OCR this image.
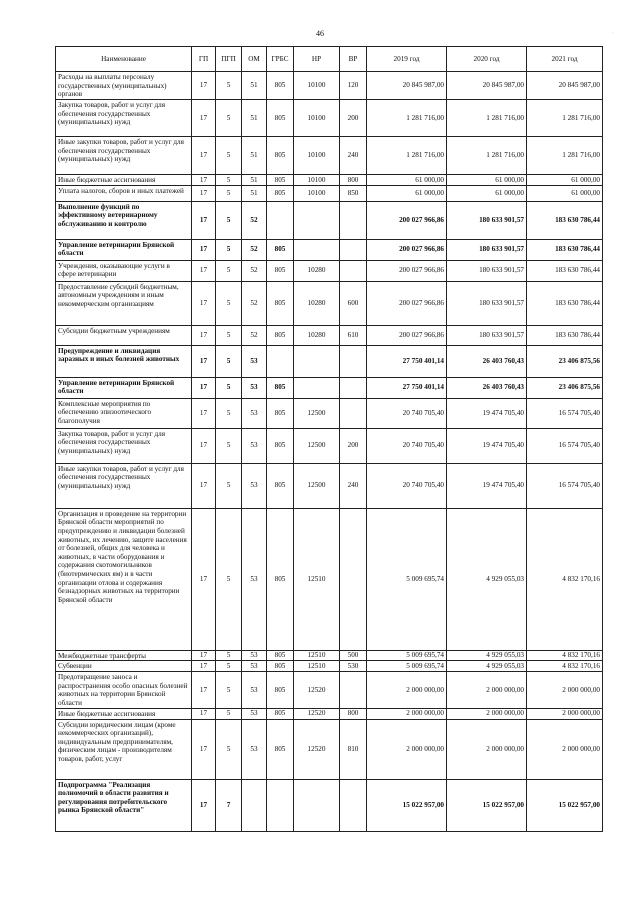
46	·
Наименование	ГП	ПГП	ОМ	ГРБС	НР	ВР	2019 год	2020 год	2021 год
Расходы на выплаты персоналу государственных (муниципальных) органов	17	5	51	805	10100	120	20 845 987,00	20 845 987,00	20 845 987,00
Закупка товаров, работ и услуг для обеспечения государственных (муниципальных) нужд	17	5	51	805	10100	200	1 281 716,00	1 281 716,00	1 281 716,00
Иные закупки товаров, работ и услуг для обеспечения государственных (муниципальных) нужд	17	5	51	805	10100	240	1 281 716,00	1 281 716,00	1 281 716,00
Иные бюджетные ассигнования	17	5	51	805	10100	800	61 000,00	61 000,00	61 000,00
Уплата налогов, сборов и иных платежей	17	5	51	805	10100	850	61 000,00	61 000,00	61 000,00
Выполнение функций по эффективному ветеринарному обслуживанию и контролю	17	5	52				200 027 966,86	180 633 901,57	183 630 786,44
Управление ветеринарии Брянской области	17	5	52	805			200 027 966,86	180 633 901,57	183 630 786,44
Учреждения, оказывающие услуги в сфере ветеринарии	17	5	52	805	10280		200 027 966,86	180 633 901,57	183 630 786,44
Предоставление субсидий бюджетным, автономным учреждениям и иным некоммерческим организациям	17	5	52	805	10280	600	200 027 966,86	180 633 901,57	183 630 786,44
Субсидии бюджетным учреждениям	17	5	52	805	10280	610	200 027 966,86	180 633 901,57	183 630 786,44
Предупреждение и ликвидация заразных и иных болезней животных	17	5	53				27 750 401,14	26 403 760,43	23 406 875,56
Управление ветеринарии Брянской области	17	5	53	805			27 750 401,14	26 403 760,43	23 406 875,56
Комплексные мероприятия по обеспечению эпизоотического благополучия	17	5	53	805	12500		20 740 705,40	19 474 705,40	16 574 705,40
Закупка товаров, работ и услуг для обеспечения государственных (муниципальных) нужд	17	5	53	805	12500	200	20 740 705,40	19 474 705,40	16 574 705,40
Иные закупки товаров, работ и услуг для обеспечения государственных (муниципальных) нужд	17	5	53	805	12500	240	20 740 705,40	19 474 705,40	16 574 705,40
Организация и проведение на территории Брянской области мероприятий по предупреждению и ликвидации болезней животных, их лечению, защите населения от болезней, общих для человека и животных, в части оборудования и содержания скотомогильников (биотермических ям) и в части организации отлова и содержания безнадзорных животных на территории Брянской области	17	5	53	805	12510		5 009 695,74	4 929 055,03	4 832 170,16
Межбюджетные трансферты	17	5	53	805	12510	500	5 009 695,74	4 929 055,03	4 832 170,16
Субвенции	17	5	53	805	12510	530	5 009 695,74	4 929 055,03	4 832 170,16
Предотвращение заноса и распространения особо опасных болезней животных на территории Брянской области	17	5	53	805	12520		2 000 000,00	2 000 000,00	2 000 000,00
Иные бюджетные ассигнования	17	5	53	805	12520	800	2 000 000,00	2 000 000,00	2 000 000,00
Субсидии юридическим лицам (кроме некоммерческих организаций), индивидуальным предпринимателям, физическим лицам - производителям товаров, работ, услуг	17	5	53	805	12520	810	2 000 000,00	2 000 000,00	2 000 000,00
Подпрограмма "Реализация полномочий в области развития и регулирования потребительского рынка Брянской области"	17	7					15 022 957,00	15 022 957,00	15 022 957,00
